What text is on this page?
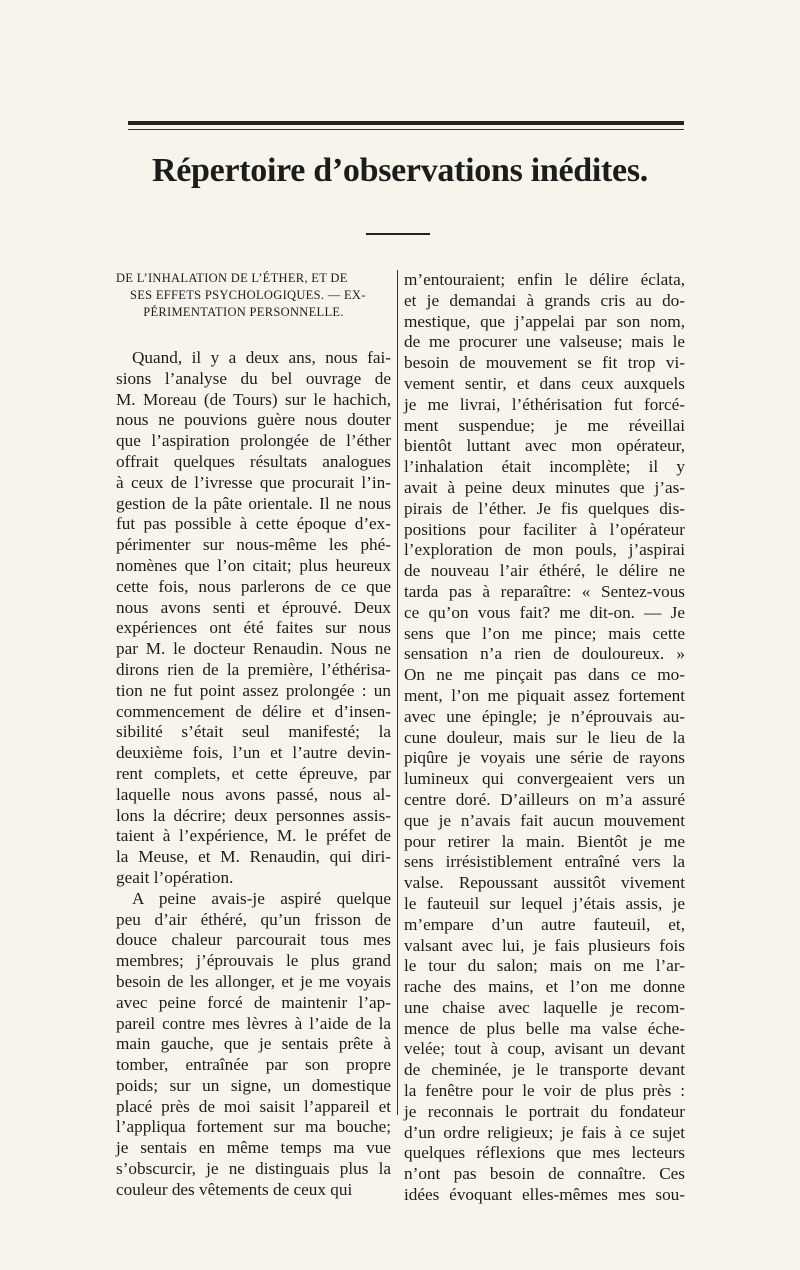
Répertoire d’observations inédites.
DE L’INHALATION DE L’ÉTHER, ET DE
SES EFFETS PSYCHOLOGIQUES. — EX-
PÉRIMENTATION PERSONNELLE.
Quand, il y a deux ans, nous fai-
sions l’analyse du bel ouvrage de
M. Moreau (de Tours) sur le hachich,
nous ne pouvions guère nous douter
que l’aspiration prolongée de l’éther
offrait quelques résultats analogues
à ceux de l’ivresse que procurait l’in-
gestion de la pâte orientale. Il ne nous
fut pas possible à cette époque d’ex-
périmenter sur nous-même les phé-
nomènes que l’on citait; plus heureux
cette fois, nous parlerons de ce que
nous avons senti et éprouvé. Deux
expériences ont été faites sur nous
par M. le docteur Renaudin. Nous ne
dirons rien de la première, l’éthérisa-
tion ne fut point assez prolongée : un
commencement de délire et d’insen-
sibilité s’était seul manifesté; la
deuxième fois, l’un et l’autre devin-
rent complets, et cette épreuve, par
laquelle nous avons passé, nous al-
lons la décrire; deux personnes assis-
taient à l’expérience, M. le préfet de
la Meuse, et M. Renaudin, qui diri-
geait l’opération.
A peine avais-je aspiré quelque
peu d’air éthéré, qu’un frisson de
douce chaleur parcourait tous mes
membres; j’éprouvais le plus grand
besoin de les allonger, et je me voyais
avec peine forcé de maintenir l’ap-
pareil contre mes lèvres à l’aide de la
main gauche, que je sentais prête à
tomber, entraînée par son propre
poids; sur un signe, un domestique
placé près de moi saisit l’appareil et
l’appliqua fortement sur ma bouche;
je sentais en même temps ma vue
s’obscurcir, je ne distinguais plus la
couleur des vêtements de ceux qui
m’entouraient; enfin le délire éclata,
et je demandai à grands cris au do-
mestique, que j’appelai par son nom,
de me procurer une valseuse; mais le
besoin de mouvement se fit trop vi-
vement sentir, et dans ceux auxquels
je me livrai, l’éthérisation fut forcé-
ment suspendue; je me réveillai
bientôt luttant avec mon opérateur,
l’inhalation était incomplète; il y
avait à peine deux minutes que j’as-
pirais de l’éther. Je fis quelques dis-
positions pour faciliter à l’opérateur
l’exploration de mon pouls, j’aspirai
de nouveau l’air éthéré, le délire ne
tarda pas à reparaître: « Sentez-vous
ce qu’on vous fait? me dit-on. — Je
sens que l’on me pince; mais cette
sensation n’a rien de douloureux. »
On ne me pinçait pas dans ce mo-
ment, l’on me piquait assez fortement
avec une épingle; je n’éprouvais au-
cune douleur, mais sur le lieu de la
piqûre je voyais une série de rayons
lumineux qui convergeaient vers un
centre doré. D’ailleurs on m’a assuré
que je n’avais fait aucun mouvement
pour retirer la main. Bientôt je me
sens irrésistiblement entraîné vers la
valse. Repoussant aussitôt vivement
le fauteuil sur lequel j’étais assis, je
m’empare d’un autre fauteuil, et,
valsant avec lui, je fais plusieurs fois
le tour du salon; mais on me l’ar-
rache des mains, et l’on me donne
une chaise avec laquelle je recom-
mence de plus belle ma valse éche-
velée; tout à coup, avisant un devant
de cheminée, je le transporte devant
la fenêtre pour le voir de plus près :
je reconnais le portrait du fondateur
d’un ordre religieux; je fais à ce sujet
quelques réflexions que mes lecteurs
n’ont pas besoin de connaître. Ces
idées évoquant elles-mêmes mes sou-
